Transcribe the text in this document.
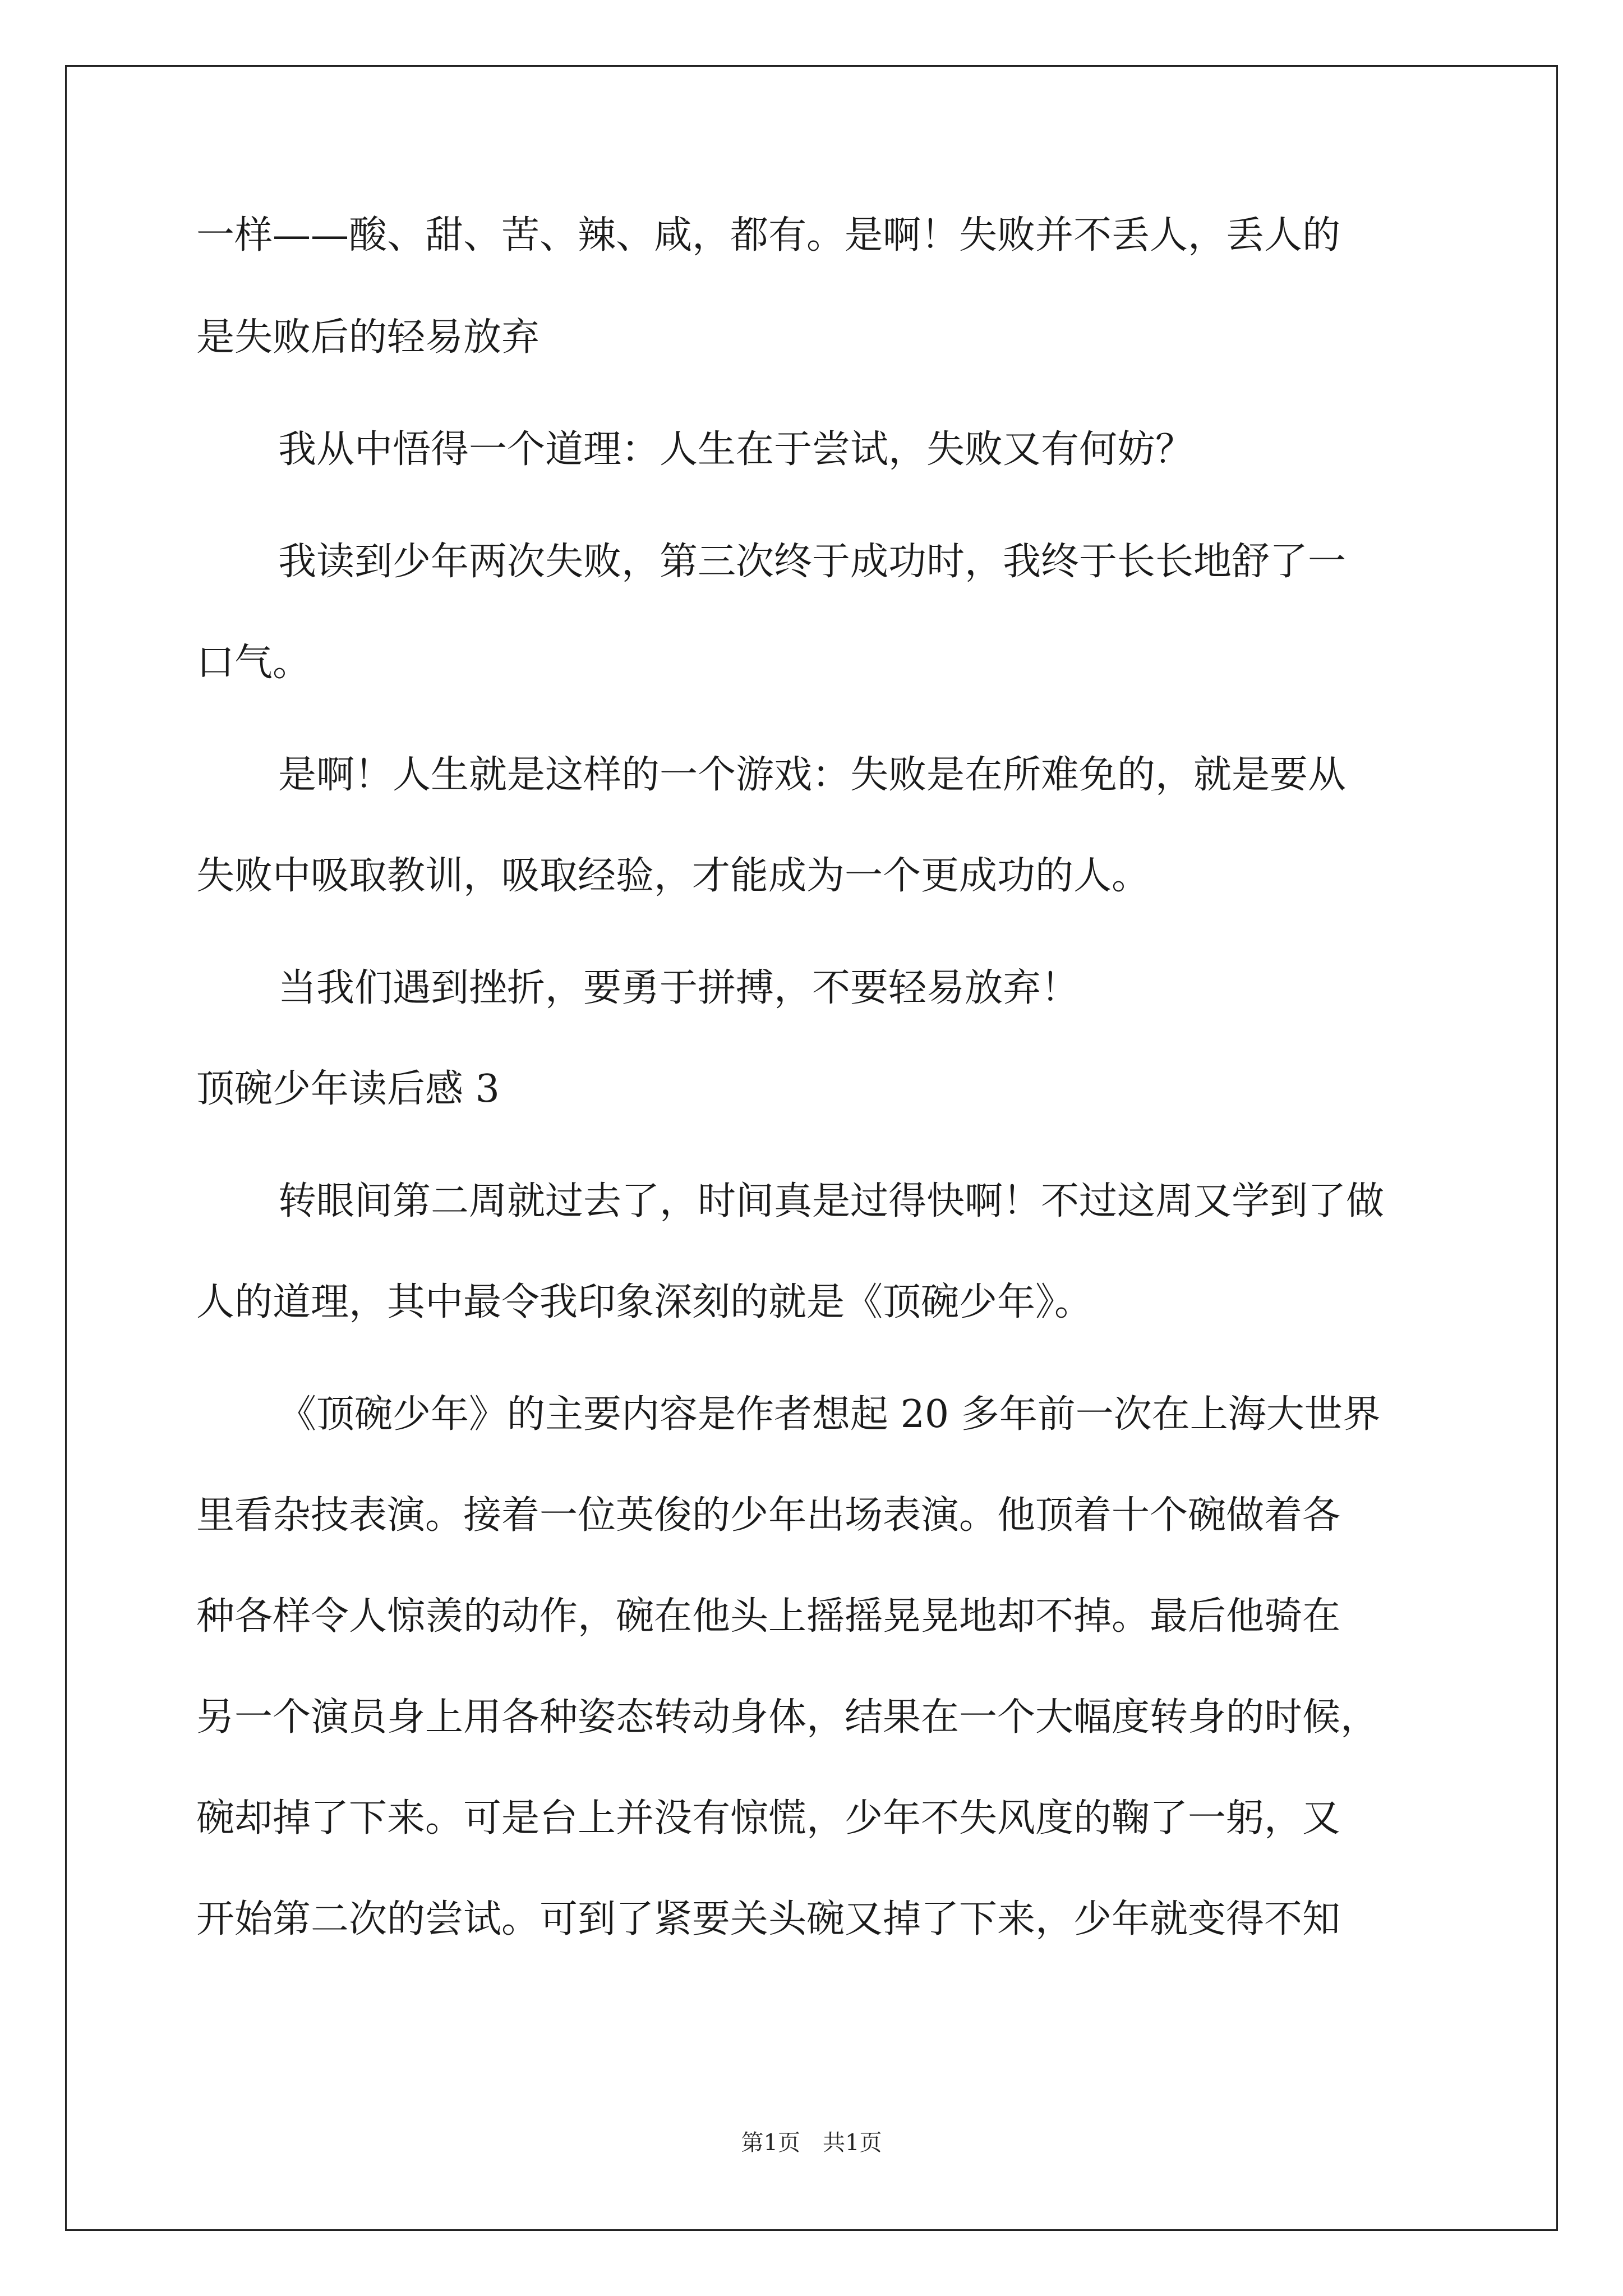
一样——酸、甜、苦、辣、咸，都有。是啊！失败并不丢人，丢人的
是失败后的轻易放弃
我从中悟得一个道理：人生在于尝试，失败又有何妨？
我读到少年两次失败，第三次终于成功时，我终于长长地舒了一
口气。
是啊！人生就是这样的一个游戏：失败是在所难免的，就是要从
失败中吸取教训，吸取经验，才能成为一个更成功的人。
当我们遇到挫折，要勇于拼搏，不要轻易放弃！
顶碗少年读后感 3
转眼间第二周就过去了，时间真是过得快啊！不过这周又学到了做
人的道理，其中最令我印象深刻的就是《顶碗少年》。
《顶碗少年》的主要内容是作者想起 20 多年前一次在上海大世界
里看杂技表演。接着一位英俊的少年出场表演。他顶着十个碗做着各
种各样令人惊羡的动作，碗在他头上摇摇晃晃地却不掉。最后他骑在
另一个演员身上用各种姿态转动身体，结果在一个大幅度转身的时候，
碗却掉了下来。可是台上并没有惊慌，少年不失风度的鞠了一躬，又
开始第二次的尝试。可到了紧要关头碗又掉了下来，少年就变得不知
第1页　共1页
